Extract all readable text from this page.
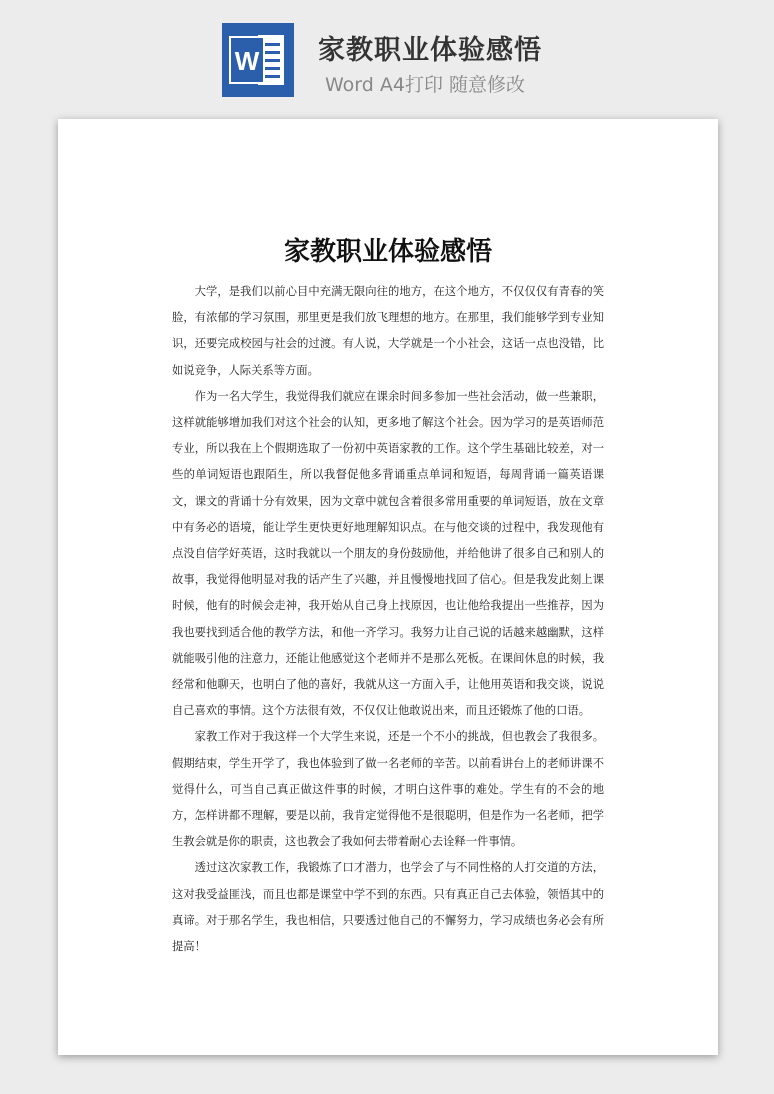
W 家教职业体验感悟
Word A4打印 随意修改
家教职业体验感悟

大学，是我们以前心目中充满无限向往的地方，在这个地方，不仅仅仅有青春的笑脸，有浓郁的学习氛围，那里更是我们放飞理想的地方。在那里，我们能够学到专业知识，还要完成校园与社会的过渡。有人说，大学就是一个小社会，这话一点也没错，比如说竞争，人际关系等方面。

作为一名大学生，我觉得我们就应在课余时间多参加一些社会活动，做一些兼职，这样就能够增加我们对这个社会的认知，更多地了解这个社会。因为学习的是英语师范专业，所以我在上个假期选取了一份初中英语家教的工作。这个学生基础比较差，对一些的单词短语也跟陌生，所以我督促他多背诵重点单词和短语，每周背诵一篇英语课文，课文的背诵十分有效果，因为文章中就包含着很多常用重要的单词短语，放在文章中有务必的语境，能让学生更快更好地理解知识点。在与他交谈的过程中，我发现他有点没自信学好英语，这时我就以一个朋友的身份鼓励他，并给他讲了很多自己和别人的故事，我觉得他明显对我的话产生了兴趣，并且慢慢地找回了信心。但是我发此刻上课时候，他有的时候会走神，我开始从自己身上找原因，也让他给我提出一些推荐，因为我也要找到适合他的教学方法，和他一齐学习。我努力让自己说的话越来越幽默，这样就能吸引他的注意力，还能让他感觉这个老师并不是那么死板。在课间休息的时候，我经常和他聊天，也明白了他的喜好，我就从这一方面入手，让他用英语和我交谈，说说自己喜欢的事情。这个方法很有效，不仅仅让他敢说出来，而且还锻炼了他的口语。

家教工作对于我这样一个大学生来说，还是一个不小的挑战，但也教会了我很多。假期结束，学生开学了，我也体验到了做一名老师的辛苦。以前看讲台上的老师讲课不觉得什么，可当自己真正做这件事的时候，才明白这件事的难处。学生有的不会的地方，怎样讲都不理解，要是以前，我肯定觉得他不是很聪明，但是作为一名老师，把学生教会就是你的职责，这也教会了我如何去带着耐心去诠释一件事情。

透过这次家教工作，我锻炼了口才潜力，也学会了与不同性格的人打交道的方法，这对我受益匪浅，而且也都是课堂中学不到的东西。只有真正自己去体验，领悟其中的真谛。对于那名学生，我也相信，只要透过他自己的不懈努力，学习成绩也务必会有所提高！
